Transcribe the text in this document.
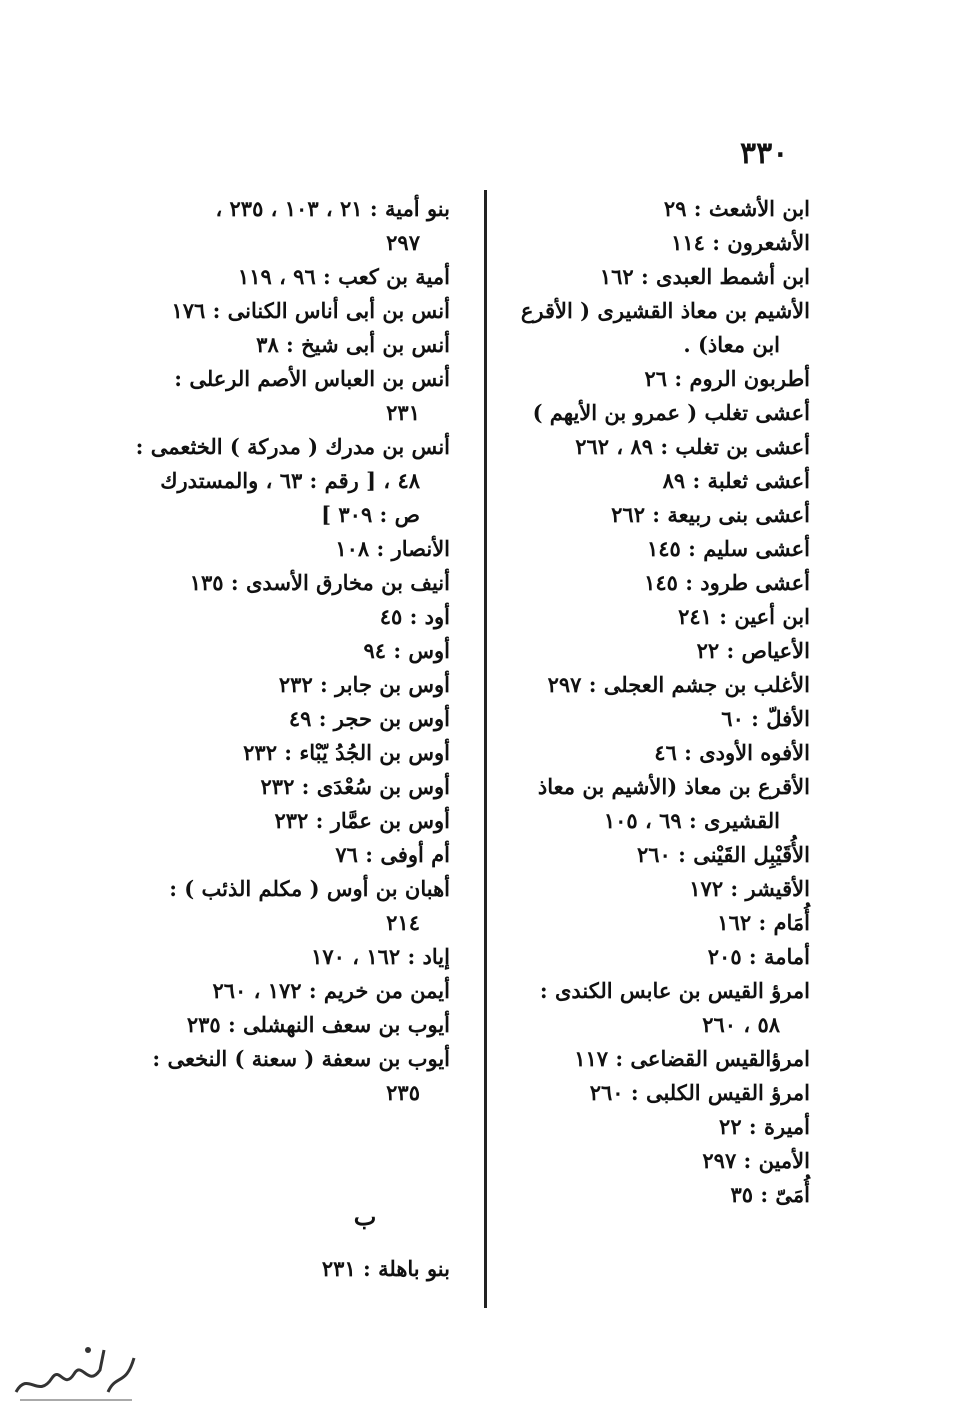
٣٣٠
ابن الأشعث : ٢٩
الأشعرون : ١١٤
ابن أشمط العبدى : ١٦٢
الأشيم بن معاذ القشيرى ( الأقرع
ابن معاذ) .
أطربون الروم : ٢٦
أعشى تغلب ( عمرو بن الأيهم )
أعشى بن تغلب : ٨٩ ، ٢٦٢
أعشى ثعلبة : ٨٩
أعشى بنى ربيعة : ٢٦٢
أعشى سليم : ١٤٥
أعشى طرود : ١٤٥
ابن أعين : ٢٤١
الأعياص : ٢٢
الأغلب بن جشم العجلى : ٢٩٧
الأفلّ : ٦٠
الأفوه الأودى : ٤٦
الأقرع بن معاذ (الأشيم بن معاذ
القشيرى : ٦٩ ، ١٠٥
الأُقَيْبِل القَيْنى : ٢٦٠
الأقيشر : ١٧٢
أُمَام : ١٦٢
أمامة : ٢٠٥
امرؤ القيس بن عابس الكندى :
٥٨ ، ٢٦٠
امرؤالقيس القضاعى : ١١٧
امرؤ القيس الكلبى : ٢٦٠
أميرة : ٢٢
الأمين : ٢٩٧
أُمَىّ : ٣٥
بنو أمية : ٢١ ، ١٠٣ ، ٢٣٥ ،
٢٩٧
أمية بن كعب : ٩٦ ، ١١٩
أنس بن أبى أناس الكنانى : ١٧٦
أنس بن أبى شيخ : ٣٨
أنس بن العباس الأصم الرعلى :
٢٣١
أنس بن مدرك ( مدركة ) الخثعمى :
٤٨ ، [ رقم : ٦٣ ، والمستدرك
ص : ٣٠٩ ]
الأنصار : ١٠٨
أنيف بن مخارق الأسدى : ١٣٥
أود : ٤٥
أوس : ٩٤
أوس بن جابر : ٢٣٢
أوس بن حجر : ٤٩
أوس بن الجُدُ يّبْاء : ٢٣٢
أوس بن سُعْدَى : ٢٣٢
أوس بن عمَّار : ٢٣٢
أم أوفى : ٧٦
أهبان بن أوس ( مكلم الذئب ) :
٢١٤
إياد : ١٦٢ ، ١٧٠
أيمن من خريم : ١٧٢ ، ٢٦٠
أيوب بن سعف النهشلى : ٢٣٥
أيوب بن سعفة ( سعنة ) النخعى :
٢٣٥
ب
بنو باهلة : ٢٣١
